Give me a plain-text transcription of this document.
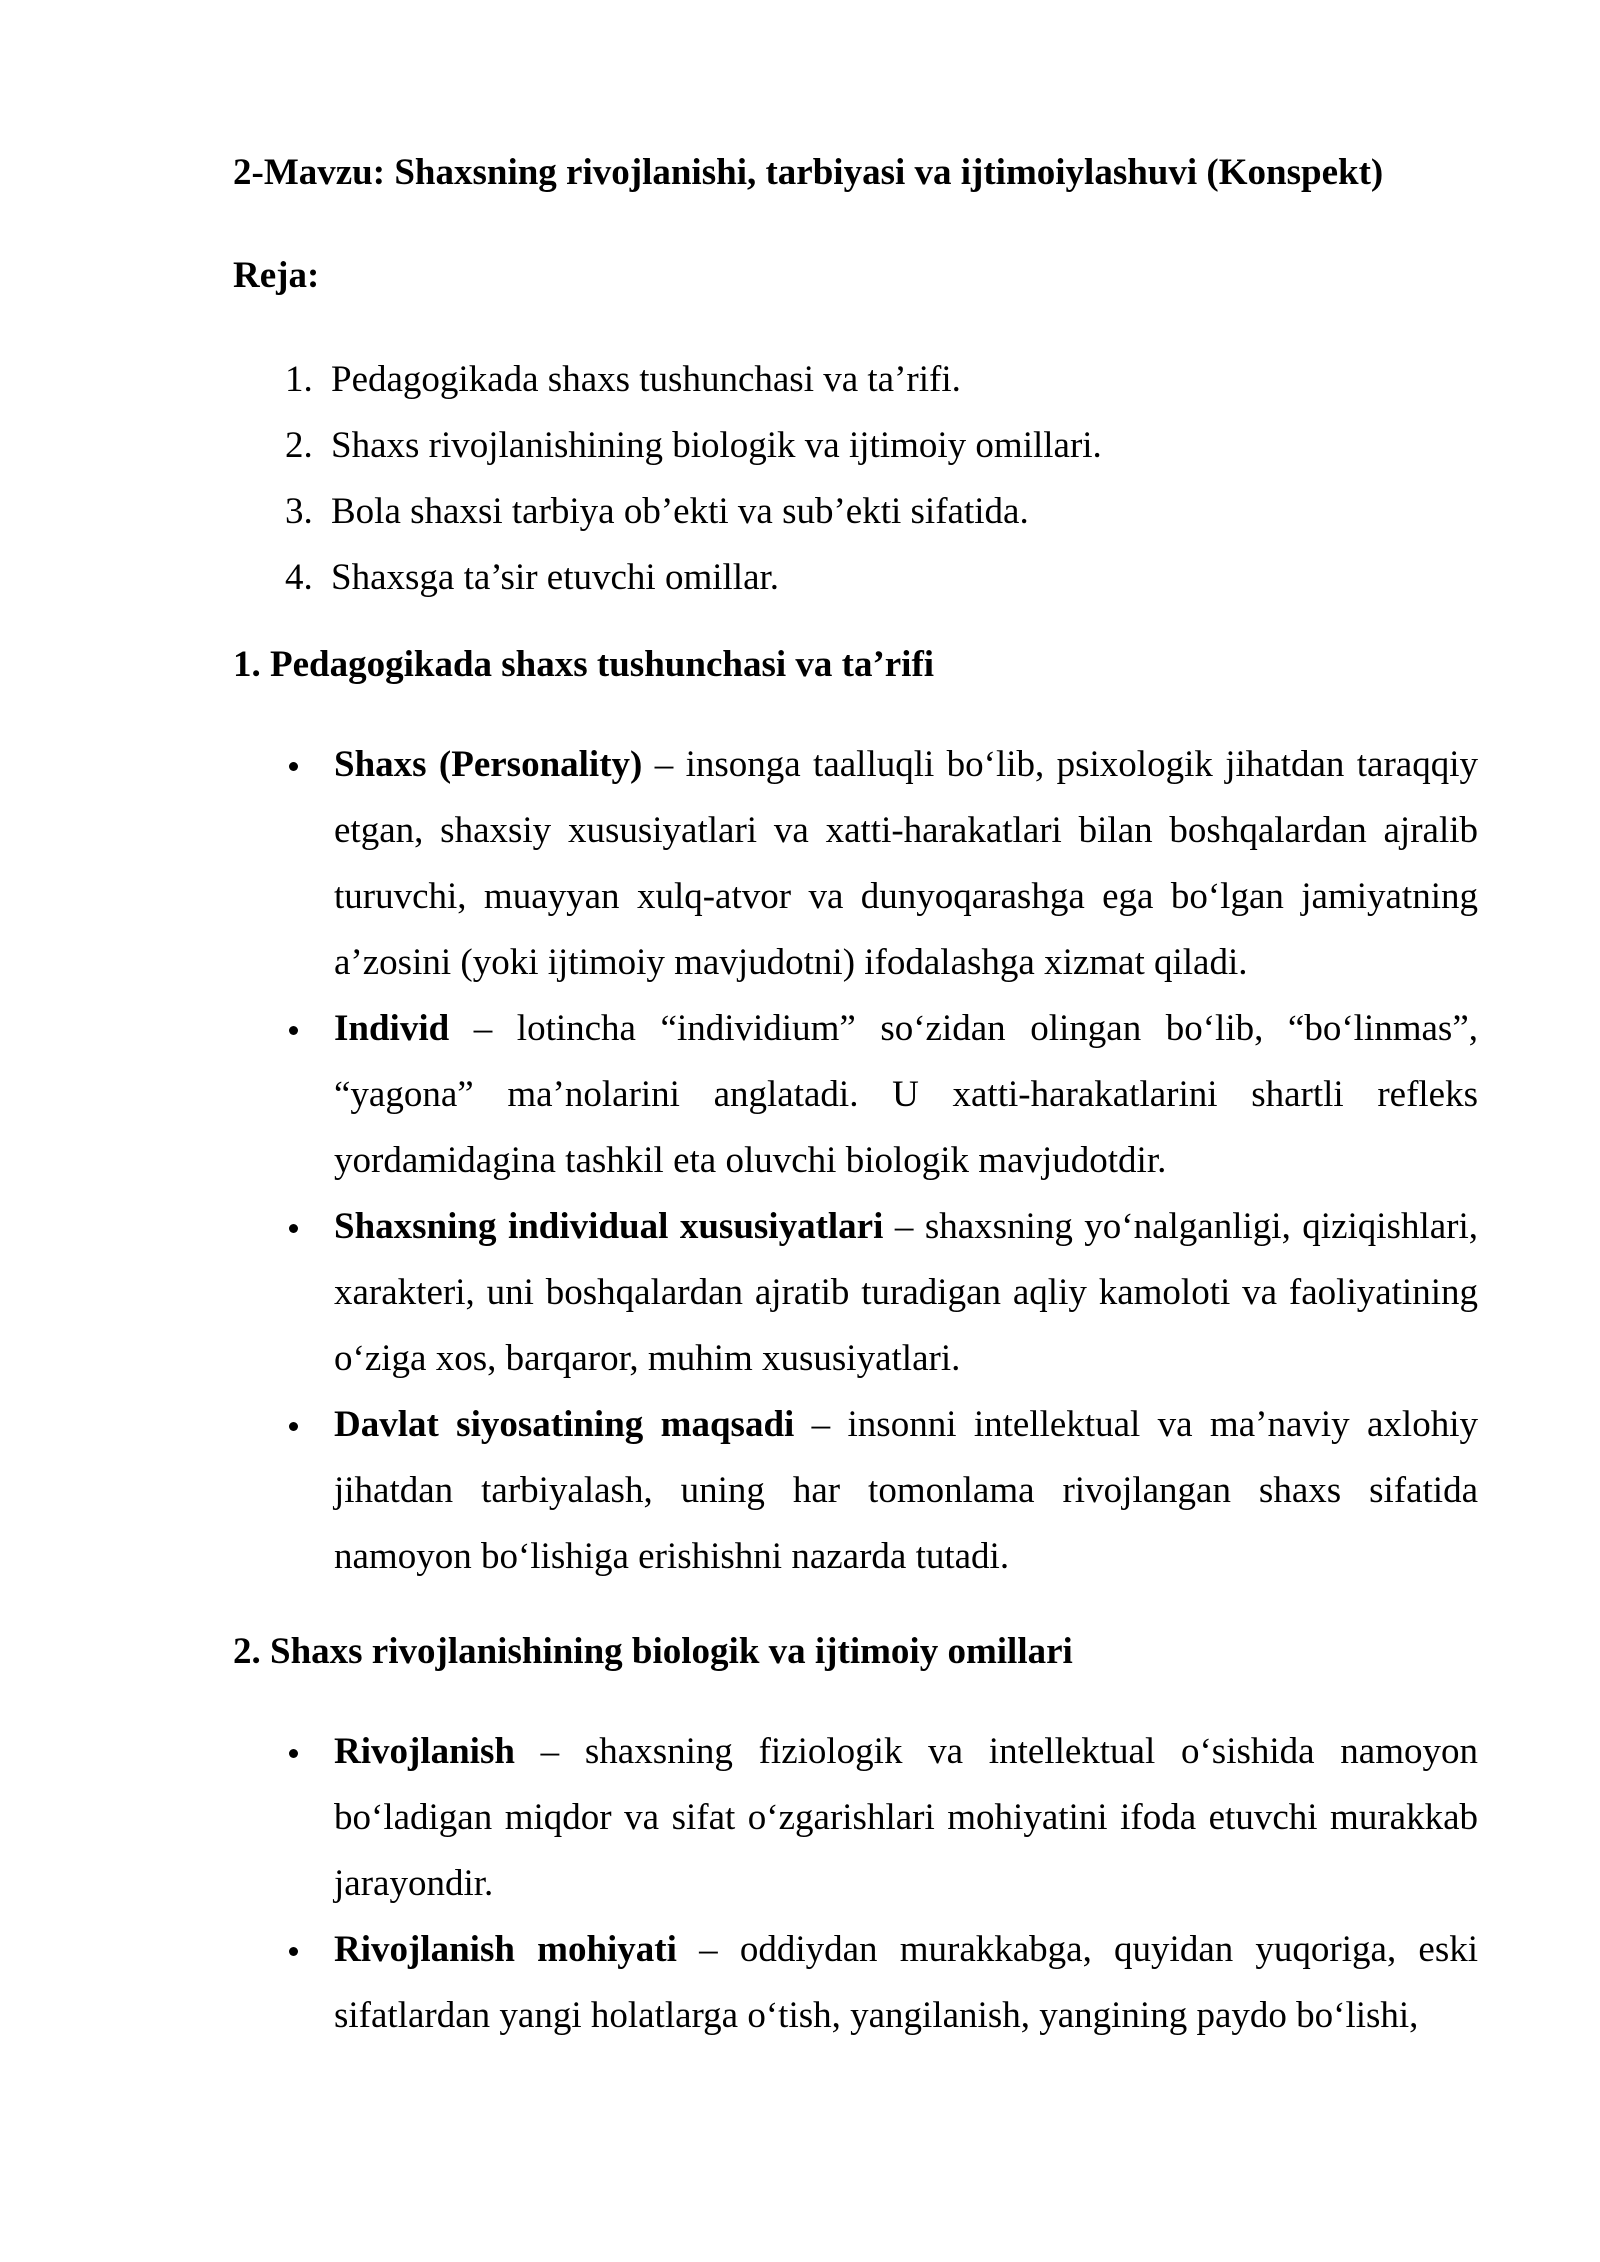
2-Mavzu: Shaxsning rivojlanishi, tarbiyasi va ijtimoiylashuvi (Konspekt)
Reja:
1. Pedagogikada shaxs tushunchasi va ta’rifi.
2. Shaxs rivojlanishining biologik va ijtimoiy omillari.
3. Bola shaxsi tarbiya ob’ekti va sub’ekti sifatida.
4. Shaxsga ta’sir etuvchi omillar.
1. Pedagogikada shaxs tushunchasi va ta’rifi
Shaxs (Personality) – insonga taalluqli boʻlib, psixologik jihatdan taraqqiy etgan, shaxsiy xususiyatlari va xatti-harakatlari bilan boshqalardan ajralib turuvchi, muayyan xulq-atvor va dunyoqarashga ega boʻlgan jamiyatning a’zosini (yoki ijtimoiy mavjudotni) ifodalashga xizmat qiladi.
Individ – lotincha “individium” soʻzidan olingan boʻlib, “boʻlinmas”, “yagona” ma’nolarini anglatadi. U xatti-harakatlarini shartli refleks yordamidagina tashkil eta oluvchi biologik mavjudotdir.
Shaxsning individual xususiyatlari – shaxsning yoʻnalganligi, qiziqishlari, xarakteri, uni boshqalardan ajratib turadigan aqliy kamoloti va faoliyatining oʻziga xos, barqaror, muhim xususiyatlari.
Davlat siyosatining maqsadi – insonni intellektual va ma’naviy axlohiy jihatdan tarbiyalash, uning har tomonlama rivojlangan shaxs sifatida namoyon boʻlishiga erishishni nazarda tutadi.
2. Shaxs rivojlanishining biologik va ijtimoiy omillari
Rivojlanish – shaxsning fiziologik va intellektual oʻsishida namoyon boʻladigan miqdor va sifat oʻzgarishlari mohiyatini ifoda etuvchi murakkab jarayondir.
Rivojlanish mohiyati – oddiydan murakkabga, quyidan yuqoriga, eski sifatlardan yangi holatlarga oʻtish, yangilanish, yangining paydo boʻlishi,
